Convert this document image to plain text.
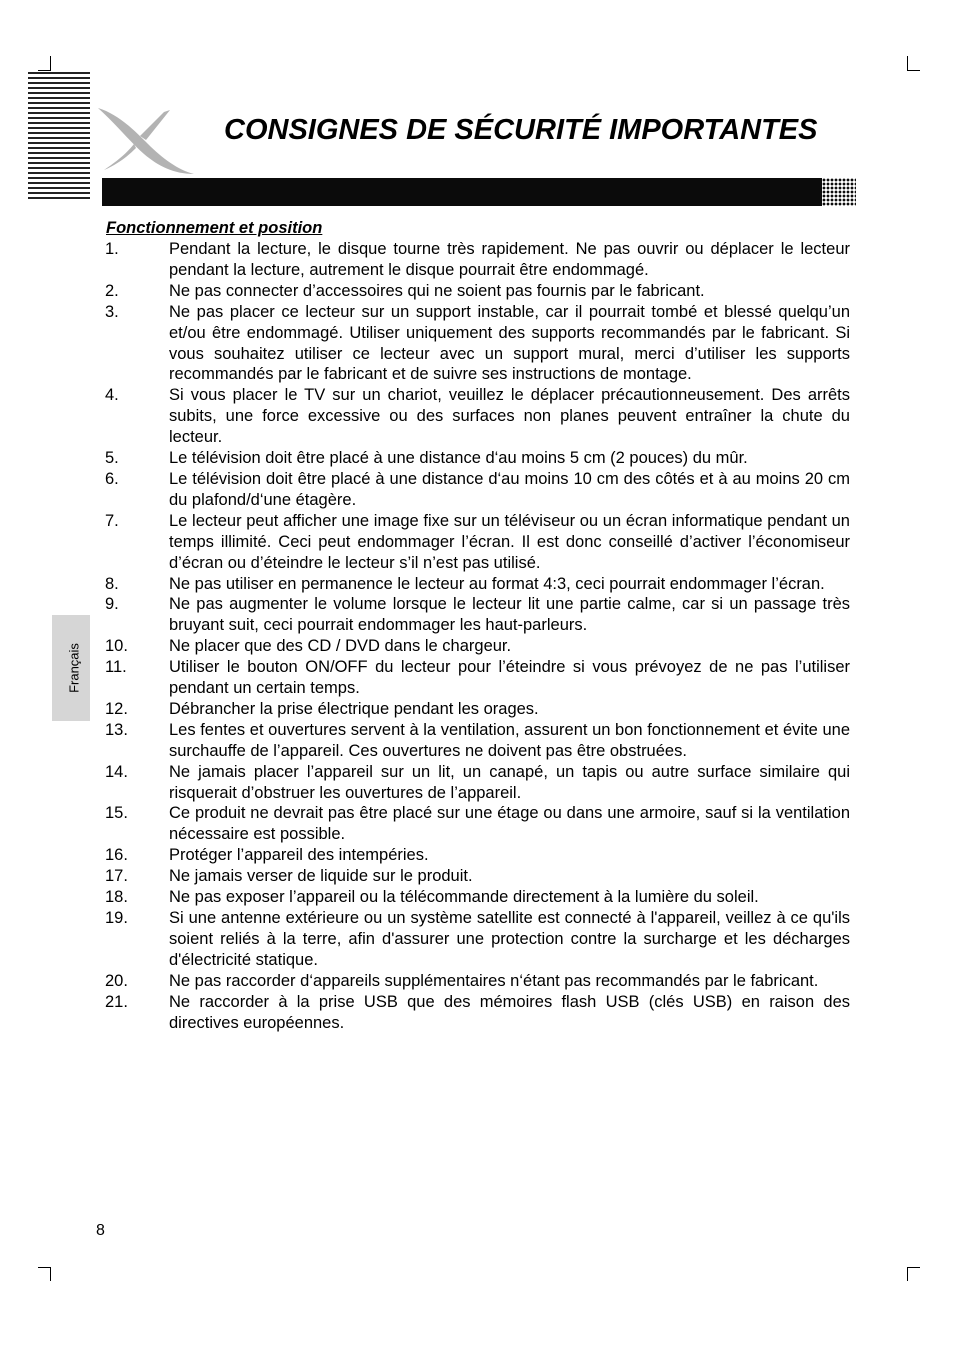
CONSIGNES DE SÉCURITÉ IMPORTANTES
Français
Fonctionnement et position
1.	Pendant la lecture, le disque tourne très rapidement. Ne pas ouvrir ou déplacer le lecteur pendant la lecture, autrement le disque pourrait être endommagé.
2.	Ne pas connecter d’accessoires qui ne soient pas fournis par le fabricant.
3.	Ne pas placer ce lecteur sur un support instable, car il pourrait tombé et blessé quelqu’un et/ou être endommagé. Utiliser uniquement des supports recommandés par le fabricant. Si vous souhaitez utiliser ce lecteur avec un support mural, merci d’utiliser les supports recommandés par le fabricant et de suivre ses instructions de montage.
4.	Si vous placer le TV sur un chariot, veuillez le déplacer précautionneusement. Des arrêts subits, une force excessive ou des surfaces non planes peuvent entraîner la chute du lecteur.
5.	Le télévision doit être placé à une distance d‘au moins 5 cm (2 pouces) du mûr.
6.	Le télévision doit être placé à une distance d‘au moins 10 cm des côtés et à au moins 20 cm du plafond/d‘une étagère.
7.	Le lecteur peut afficher une image fixe sur un téléviseur ou un écran informatique pendant un temps illimité. Ceci peut endommager l’écran. Il est donc conseillé d’activer l’économiseur d’écran ou d’éteindre le lecteur s’il n’est pas utilisé.
8.	Ne pas utiliser en permanence le lecteur au format 4:3, ceci pourrait endommager l’écran.
9.	Ne pas augmenter le volume lorsque le lecteur lit une partie calme, car si un passage très bruyant suit, ceci pourrait endommager les haut-parleurs.
10.	Ne placer que des CD / DVD dans le chargeur.
11.	Utiliser le bouton ON/OFF du lecteur pour l’éteindre si vous prévoyez de ne pas l’utiliser pendant un certain temps.
12.	Débrancher la prise électrique pendant les orages.
13.	Les fentes et ouvertures servent à la ventilation, assurent un bon fonctionnement et évite une surchauffe de l’appareil. Ces ouvertures ne doivent pas être obstruées.
14.	Ne jamais placer l’appareil sur un lit, un canapé, un tapis ou autre surface similaire qui risquerait d’obstruer les ouvertures de l’appareil.
15.	Ce produit ne devrait pas être placé sur une étage ou dans une armoire, sauf si la ventilation nécessaire est possible.
16.	Protéger l’appareil des intempéries.
17.	Ne jamais verser de liquide sur le produit.
18.	Ne pas exposer l’appareil ou la télécommande directement à la lumière du soleil.
19.	Si une antenne extérieure ou un système satellite est connecté à l'appareil, veillez à ce qu'ils soient reliés à la terre, afin d'assurer une protection contre la surcharge et les décharges d'électricité statique.
20.	Ne pas raccorder d‘appareils supplémentaires n‘étant pas recommandés par le fabricant.
21.	Ne raccorder à la prise USB que des mémoires flash USB (clés USB) en raison des directives européennes.
8
